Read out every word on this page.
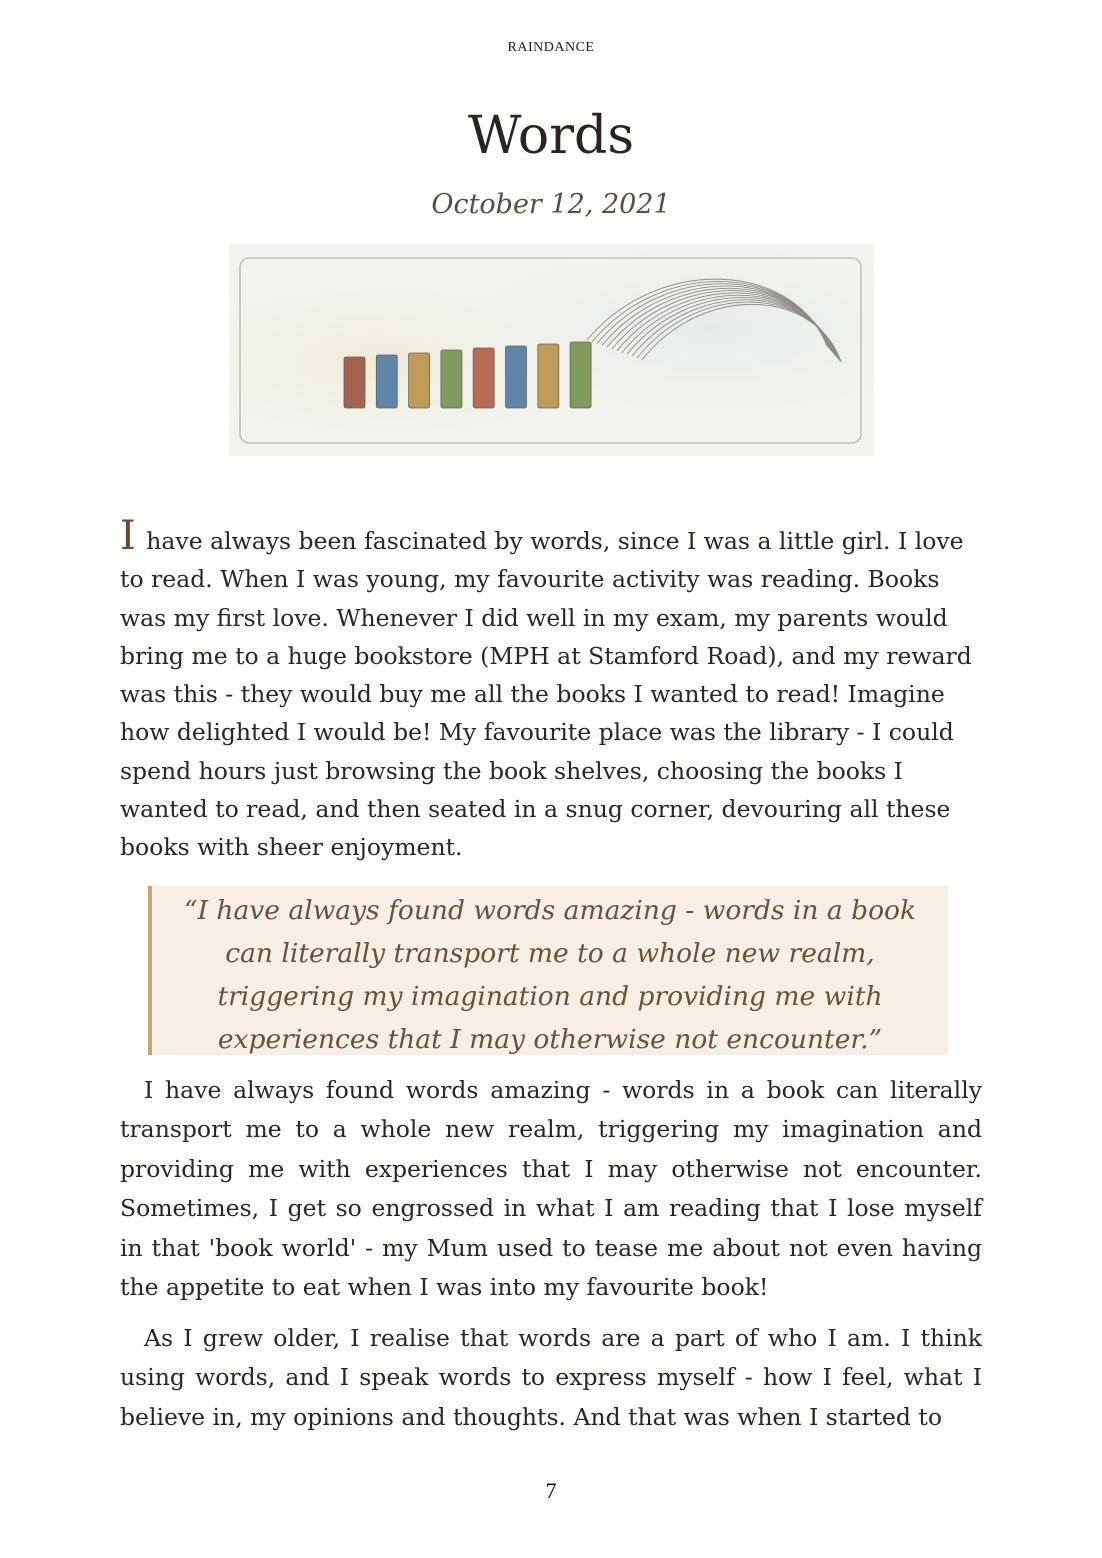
RAINDANCE
Words
October 12, 2021
I have always been fascinated by words, since I was a little girl. I love to read. When I was young, my favourite activity was reading. Books was my first love. Whenever I did well in my exam, my parents would bring me to a huge bookstore (MPH at Stamford Road), and my reward was this - they would buy me all the books I wanted to read! Imagine how delighted I would be! My favourite place was the library - I could spend hours just browsing the book shelves, choosing the books I wanted to read, and then seated in a snug corner, devouring all these books with sheer enjoyment.
“I have always found words amazing - words in a book can literally transport me to a whole new realm, triggering my imagination and providing me with experiences that I may otherwise not encounter.”
I have always found words amazing - words in a book can literally transport me to a whole new realm, triggering my imagination and providing me with experiences that I may otherwise not encounter. Sometimes, I get so engrossed in what I am reading that I lose myself in that 'book world' - my Mum used to tease me about not even having the appetite to eat when I was into my favourite book!
As I grew older, I realise that words are a part of who I am. I think using words, and I speak words to express myself - how I feel, what I believe in, my opinions and thoughts. And that was when I started to
7
